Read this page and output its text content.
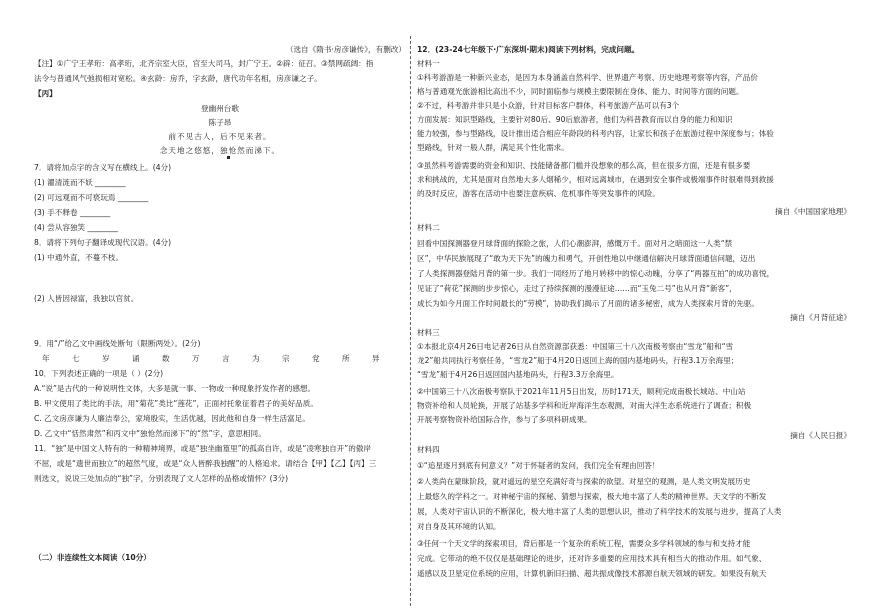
（选自《隋书·房彦谦传》，有删改）
【注】①广宁王孝珩：高孝珩，北齐宗室大臣，官至大司马，封广宁王。②辟：征召。③禁网疏阔：指
法令与普通风气弛损相对宽松。④玄龄：房乔，字玄龄，唐代功年名相，房彦谦之子。
【丙】
登幽州台歌
陈子昂
前不见古人，后不见来者。
念天地之悠悠，独怆然而涕下。
7．请将加点字的含义写在横线上。(4分)
(1) 濯清涟而不妖 ________
(2) 可远观而不可亵玩焉 ________
(3) 手不释卷 ________
(4) 尝从容独笑 ________
8．请将下列句子翻译成现代汉语。(4分)
(1) 中通外直，不蔓不枝。
(2) 人皆因禄富，我独以官贫。
9．用“/”给乙文中画线处断句（限断两处）。(2分)
年	七	岁	诵	数	万	言	为	宗	党	所	异
10．下列表述正确的一项是（ ）(2分)
A.“说”是古代的一种说明性文体，大多是就一事、一物或一种现象抒发作者的感想。
B. 甲文使用了类比的手法，用“菊花”类比“莲花”，正面衬托象征着君子的美好品质。
C. 乙文房彦谦为人廉洁奉公，家境殷实，生活优越，因此他和自身一样生活富足。
D. 乙文中“恬然肃然”和丙文中“独怆然而涕下”的“然”字，意思相同。
11．“独”是中国文人特有的一种精神境界，或是“独坐幽篁里”的孤高自许，或是“凌寒独自开”的傲岸
不屈，或是“遗世而独立”的超然气度，或是“众人皆醉我独醒”的人格追求。请结合【甲】【乙】【丙】三
则选文，说说三处加点的“独”字，分别表现了文人怎样的品格或情怀？(3分)
（二）非连续性文本阅读（10分）
12．(23-24七年级下·广东深圳·期末)阅读下列材料，完成问题。
材料一
①科考游游是一种新兴业态，是因为本身涵盖自然科学、世界遗产考察、历史地理考察等内容，产品价
格与普通观光旅游相比高出不少，同时面临参与规模主要限制在身体、能力、时间等方面的问题。
②不过，科考游并非只是小众游，针对目标客户群体，科考旅游产品可以有3个
方面发展：知识型路线，主要针对80后、90后旅游者，他们为科普教育而以自身的能力和知识
能力较强，参与型路线，设计推出适合相应年龄段的科考内容，让家长和孩子在旅游过程中深度参与；体验
型路线，针对一般人群，满足其个性化需求。
③虽然科考游需要的资金和知识、技能储备都门槛并没想象的那么高，但在很多方面，还是有很多要
求和挑战的，尤其是面对自然地大多人烟稀少，相对远离城市，在遇到安全事件或极端事件时很难得到救援
的及时反应，游客在活动中也要注意疾病、危机事件等突发事件的风险。
摘自《中国国家地理》
材料二
回看中国探测器登月球背面的探险之旅，人们心潮澎湃，感慨万千。面对月之暗面这一人类“禁
区”，中华民族展现了“敢为天下先”的魄力和勇气，开创性地以中继通信解决月球背面通信问题，迈出
了人类探测器登陆月背的第一步。我们一同经历了地月转移中的惊心动魄，分享了“两器互拍”的成功喜悦，
见证了“荷花”探测的步步惊心，走过了持续探测的漫漫征途……而“玉兔二号”也从月背“新客”，
成长为如今月面工作时间最长的“劳模”，协助我们揭示了月面的诸多秘密，成为人类探索月背的先驱。
摘自《月背征途》
材料三
①本报北京4月26日电记者26日从自然资源部获悉：中国第三十八次南极考察由“雪龙”船和“雪
龙2”船共同执行考察任务，“雪龙2”船于4月20日返回上海的国内基地码头，行程3.1万余海里；
“雪龙”船于4月26日返回国内基地码头，行程3.3万余海里。
②中国第三十八次南极考察队于2021年11月5日出发，历时171天，顺利完成南极长城站、中山站
物资补给和人员轮换，开展了站基多学科和近岸海洋生态观测，对南大洋生态系统进行了调查；积极
开展考察物资补给国际合作，参与了多项科研成果。
摘自《人民日报》
材料四
①“追星逐月到底有何意义？”对于怀疑者的发问，我们完全有理由回答！
②人类尚在蒙昧阶段，就对遥远的星空充满好奇与探索的欲望。对星空的观测，是人类文明发展历史
上最悠久的学科之一。对神秘宇宙的探秘、猜想与探索，极大地丰富了人类的精神世界。天文学的不断发
展，人类对宇宙认识的不断深化，极大地丰富了人类的思想认识，推动了科学技术的发展与进步，提高了人类
对自身及其环境的认知。
③任何一个天文学的探索项目，背后都是一个复杂的系统工程，需要众多学科领域的参与和支持才能
完成。它带动的绝不仅仅是基础理论的进步，还对许多重要的应用技术具有相当大的推动作用。如气象、
遥感以及卫星定位系统的应用，计算机新旧扫描、超共振成像技术都源自航天领域的研发。如果没有航天
